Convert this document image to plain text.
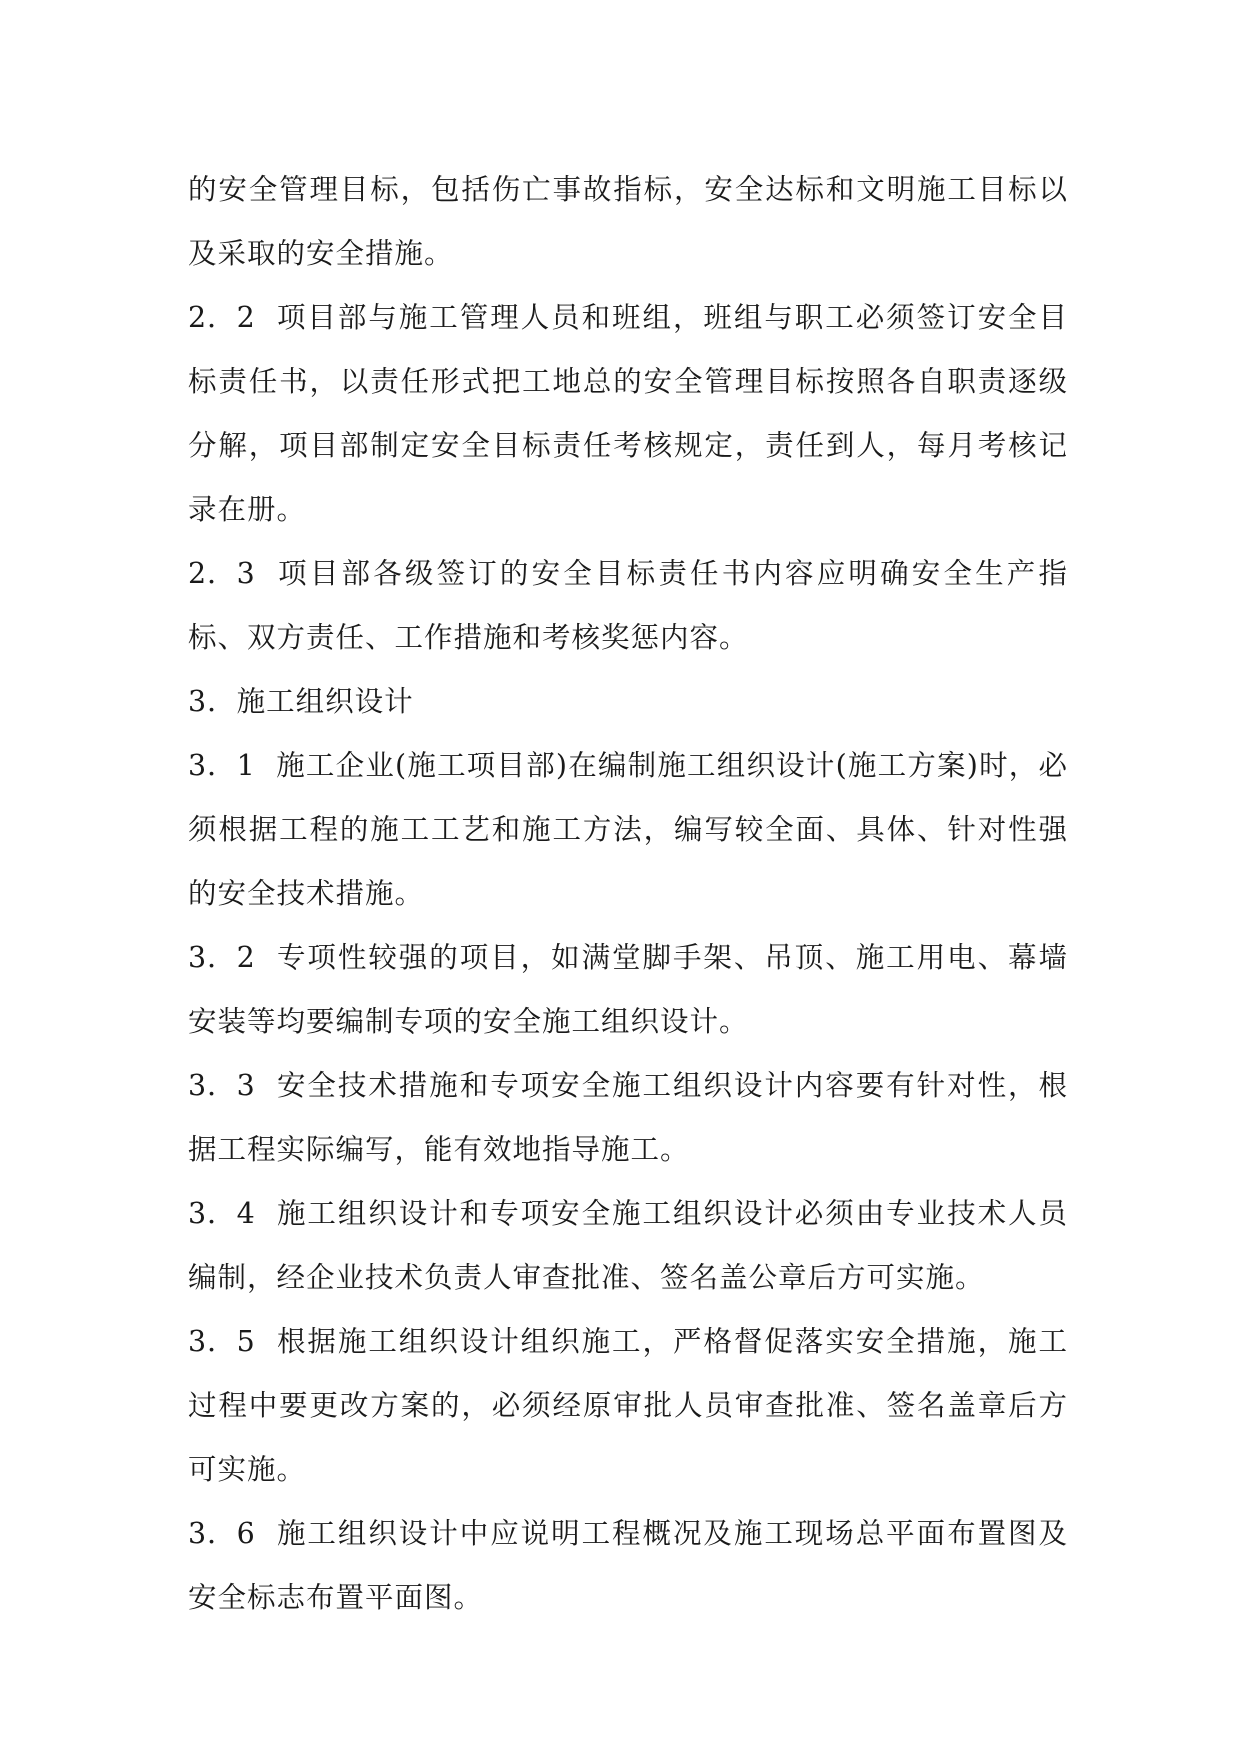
的安全管理目标，包括伤亡事故指标，安全达标和文明施工目标以及采取的安全措施。

2．2 项目部与施工管理人员和班组，班组与职工必须签订安全目标责任书，以责任形式把工地总的安全管理目标按照各自职责逐级分解，项目部制定安全目标责任考核规定，责任到人，每月考核记录在册。

2．3 项目部各级签订的安全目标责任书内容应明确安全生产指标、双方责任、工作措施和考核奖惩内容。

3．施工组织设计

3．1 施工企业(施工项目部)在编制施工组织设计(施工方案)时，必须根据工程的施工工艺和施工方法，编写较全面、具体、针对性强的安全技术措施。

3．2 专项性较强的项目，如满堂脚手架、吊顶、施工用电、幕墙安装等均要编制专项的安全施工组织设计。

3．3 安全技术措施和专项安全施工组织设计内容要有针对性，根据工程实际编写，能有效地指导施工。

3．4 施工组织设计和专项安全施工组织设计必须由专业技术人员编制，经企业技术负责人审查批准、签名盖公章后方可实施。

3．5 根据施工组织设计组织施工，严格督促落实安全措施，施工过程中要更改方案的，必须经原审批人员审查批准、签名盖章后方可实施。

3．6 施工组织设计中应说明工程概况及施工现场总平面布置图及安全标志布置平面图。
